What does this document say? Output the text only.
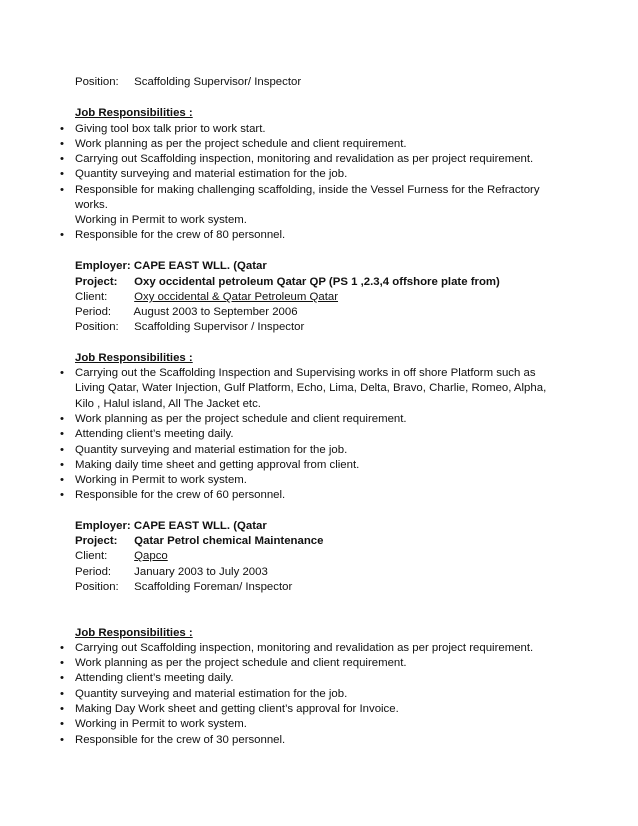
Position: Scaffolding Supervisor/ Inspector
Job Responsibilities :
• Giving tool box talk prior to work start.
• Work planning as per the project schedule and client requirement.
• Carrying out Scaffolding inspection, monitoring and revalidation as per project requirement.
• Quantity surveying and material estimation for the job.
• Responsible for making challenging scaffolding, inside the Vessel Furness for the Refractory
works.
Working in Permit to work system.
• Responsible for the crew of 80 personnel.
Employer: CAPE EAST WLL. (Qatar
Project: Oxy occidental petroleum Qatar QP (PS 1 ,2.3,4 offshore plate from)
Client: Oxy occidental & Qatar Petroleum Qatar
Period: August 2003 to September 2006
Position: Scaffolding Supervisor / Inspector
Job Responsibilities :
• Carrying out the Scaffolding Inspection and Supervising works in off shore Platform such as
Living Qatar, Water Injection, Gulf Platform, Echo, Lima, Delta, Bravo, Charlie, Romeo, Alpha,
Kilo , Halul island, All The Jacket etc.
• Work planning as per the project schedule and client requirement.
• Attending client’s meeting daily.
• Quantity surveying and material estimation for the job.
• Making daily time sheet and getting approval from client.
• Working in Permit to work system.
• Responsible for the crew of 60 personnel.
Employer: CAPE EAST WLL. (Qatar
Project: Qatar Petrol chemical Maintenance
Client: Qapco
Period: January 2003 to July 2003
Position: Scaffolding Foreman/ Inspector
Job Responsibilities :
• Carrying out Scaffolding inspection, monitoring and revalidation as per project requirement.
• Work planning as per the project schedule and client requirement.
• Attending client’s meeting daily.
• Quantity surveying and material estimation for the job.
• Making Day Work sheet and getting client’s approval for Invoice.
• Working in Permit to work system.
• Responsible for the crew of 30 personnel.
